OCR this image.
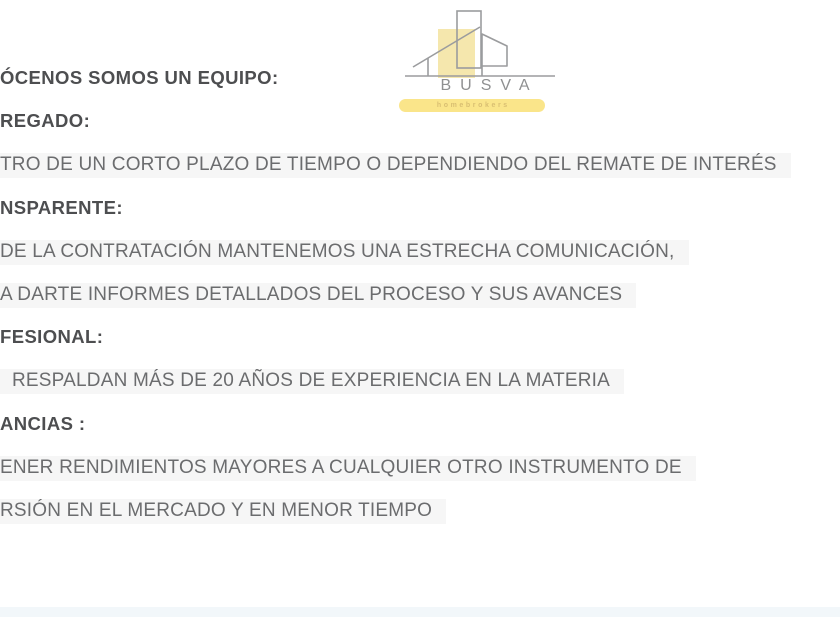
BUSVA
homebrokers
ÓCENOS SOMOS UN EQUIPO:
REGADO:
TRO DE UN CORTO PLAZO DE TIEMPO O DEPENDIENDO DEL REMATE DE INTERÉS
NSPARENTE:
DE LA CONTRATACIÓN MANTENEMOS UNA ESTRECHA COMUNICACIÓN,
A DARTE INFORMES DETALLADOS DEL PROCESO Y SUS AVANCES
FESIONAL:
RESPALDAN MÁS DE 20 AÑOS DE EXPERIENCIA EN LA MATERIA
ANCIAS :
ENER RENDIMIENTOS MAYORES A CUALQUIER OTRO INSTRUMENTO DE
RSIÓN EN EL MERCADO Y EN MENOR TIEMPO
